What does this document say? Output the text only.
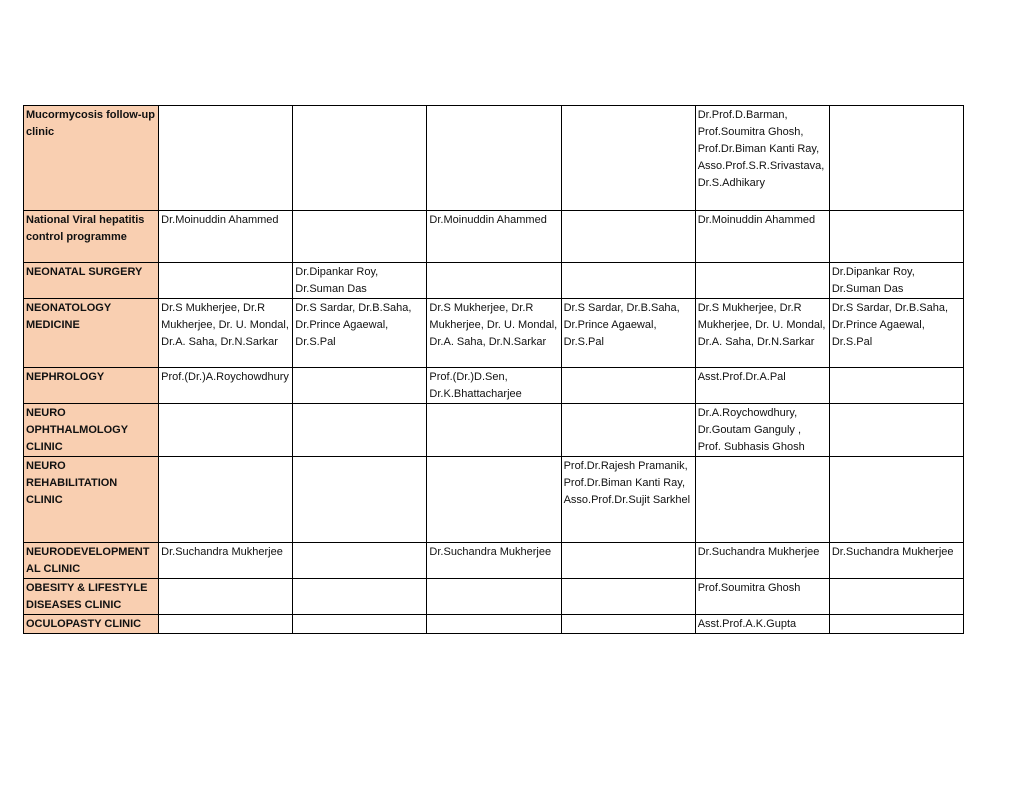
Mucormycosis follow-up clinic					Dr.Prof.D.Barman, Prof.Soumitra Ghosh, Prof.Dr.Biman Kanti Ray, Asso.Prof.S.R.Srivastava, Dr.S.Adhikary	
National Viral hepatitis control programme	Dr.Moinuddin Ahammed		Dr.Moinuddin Ahammed		Dr.Moinuddin Ahammed	
NEONATAL SURGERY		Dr.Dipankar Roy, Dr.Suman Das				Dr.Dipankar Roy, Dr.Suman Das
NEONATOLOGY MEDICINE	Dr.S Mukherjee, Dr.R Mukherjee, Dr. U. Mondal, Dr.A. Saha, Dr.N.Sarkar	Dr.S Sardar, Dr.B.Saha, Dr.Prince Agaewal, Dr.S.Pal	Dr.S Mukherjee, Dr.R Mukherjee, Dr. U. Mondal, Dr.A. Saha, Dr.N.Sarkar	Dr.S Sardar, Dr.B.Saha, Dr.Prince Agaewal, Dr.S.Pal	Dr.S Mukherjee, Dr.R Mukherjee, Dr. U. Mondal, Dr.A. Saha, Dr.N.Sarkar	Dr.S Sardar, Dr.B.Saha, Dr.Prince Agaewal, Dr.S.Pal
NEPHROLOGY	Prof.(Dr.)A.Roychowdhury		Prof.(Dr.)D.Sen, Dr.K.Bhattacharjee		Asst.Prof.Dr.A.Pal	
NEURO OPHTHALMOLOGY CLINIC					Dr.A.Roychowdhury, Dr.Goutam Ganguly , Prof. Subhasis Ghosh	
NEURO REHABILITATION CLINIC				Prof.Dr.Rajesh Pramanik, Prof.Dr.Biman Kanti Ray, Asso.Prof.Dr.Sujit Sarkhel		
NEURODEVELOPMENTAL CLINIC	Dr.Suchandra Mukherjee		Dr.Suchandra Mukherjee		Dr.Suchandra Mukherjee	Dr.Suchandra Mukherjee
OBESITY & LIFESTYLE DISEASES CLINIC					Prof.Soumitra Ghosh	
OCULOPASTY CLINIC					Asst.Prof.A.K.Gupta	
